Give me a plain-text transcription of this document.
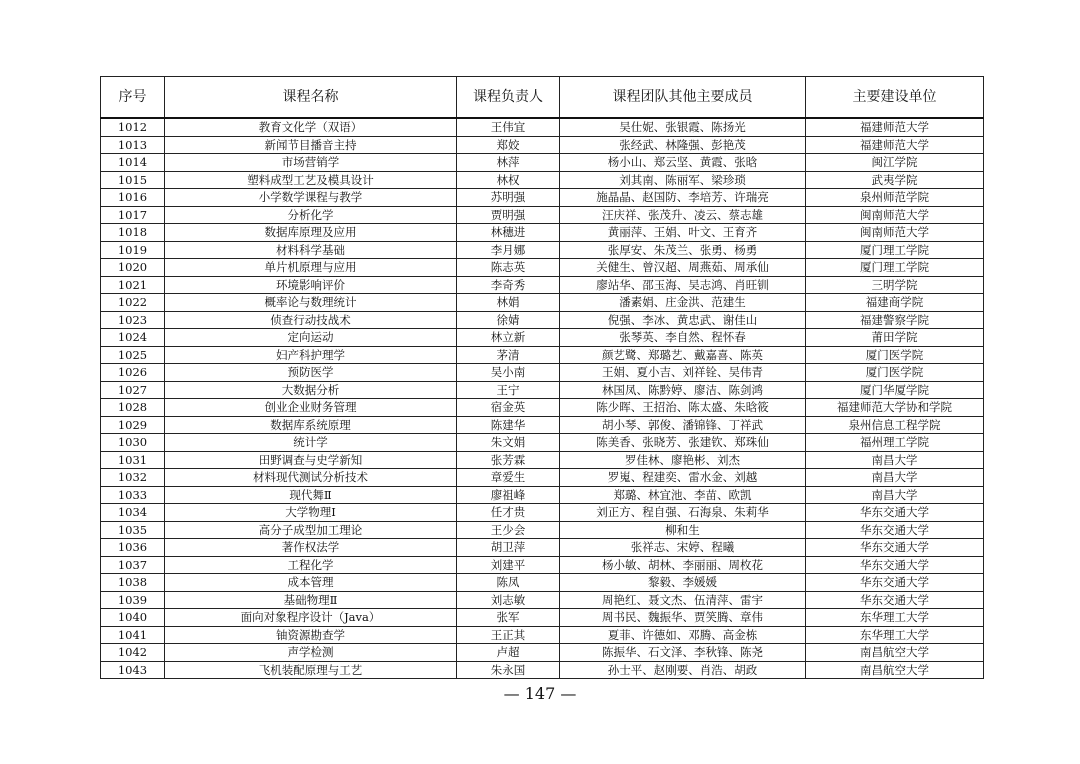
序号	课程名称	课程负责人	课程团队其他主要成员	主要建设单位
1012	教育文化学（双语）	王伟宜	吴仕妮、张银霞、陈扬光	福建师范大学
1013	新闻节目播音主持	郑姣	张经武、林隆强、彭艳茂	福建师范大学
1014	市场营销学	林萍	杨小山、郑云坚、黄霞、张晗	闽江学院
1015	塑料成型工艺及模具设计	林权	刘其南、陈丽军、梁珍琐	武夷学院
1016	小学数学课程与教学	苏明强	施晶晶、赵国防、李培芳、许瑞亮	泉州师范学院
1017	分析化学	贾明强	汪庆祥、张茂升、凌云、蔡志雄	闽南师范大学
1018	数据库原理及应用	林穗进	黄丽萍、王娟、叶文、王育齐	闽南师范大学
1019	材料科学基础	李月娜	张厚安、朱茂兰、张勇、杨勇	厦门理工学院
1020	单片机原理与应用	陈志英	关健生、曾汉超、周燕茹、周承仙	厦门理工学院
1021	环境影响评价	李奇秀	廖站华、邵玉海、吴志鸿、肖旺钏	三明学院
1022	概率论与数理统计	林娟	潘素娟、庄金洪、范建生	福建商学院
1023	侦查行动技战术	徐婧	倪强、李冰、黄忠武、谢佳山	福建警察学院
1024	定向运动	林立新	张琴英、李自然、程怀春	莆田学院
1025	妇产科护理学	茅清	颜艺鹭、郑璐艺、戴嘉喜、陈英	厦门医学院
1026	预防医学	吴小南	王娟、夏小吉、刘祥铨、吴伟青	厦门医学院
1027	大数据分析	王宁	林国凤、陈黔婷、廖洁、陈剑鸿	厦门华厦学院
1028	创业企业财务管理	宿金英	陈少晖、王招治、陈太盛、朱晗筱	福建师范大学协和学院
1029	数据库系统原理	陈建华	胡小琴、郭俊、潘锦锋、丁祥武	泉州信息工程学院
1030	统计学	朱文娟	陈美香、张晓芳、张建钦、郑珠仙	福州理工学院
1031	田野调查与史学新知	张芳霖	罗佳林、廖艳彬、刘杰	南昌大学
1032	材料现代测试分析技术	章爱生	罗嵬、程建奕、雷水金、刘越	南昌大学
1033	现代舞Ⅱ	廖祖峰	郑璐、林宜池、李苗、欧凯	南昌大学
1034	大学物理Ⅰ	任才贵	刘正方、程自强、石海泉、朱莉华	华东交通大学
1035	高分子成型加工理论	王少会	柳和生	华东交通大学
1036	著作权法学	胡卫萍	张祥志、宋婷、程曦	华东交通大学
1037	工程化学	刘建平	杨小敏、胡林、李丽丽、周枚花	华东交通大学
1038	成本管理	陈凤	黎毅、李媛媛	华东交通大学
1039	基础物理Ⅱ	刘志敏	周艳红、聂文杰、伍清萍、雷宇	华东交通大学
1040	面向对象程序设计（Java）	张军	周书民、魏振华、贾笑腾、章伟	东华理工大学
1041	铀资源勘查学	王正其	夏菲、许德如、邓腾、高金栋	东华理工大学
1042	声学检测	卢超	陈振华、石文泽、李秋锋、陈尧	南昌航空大学
1043	飞机装配原理与工艺	朱永国	孙士平、赵刚要、肖浩、胡政	南昌航空大学
— 147 —
